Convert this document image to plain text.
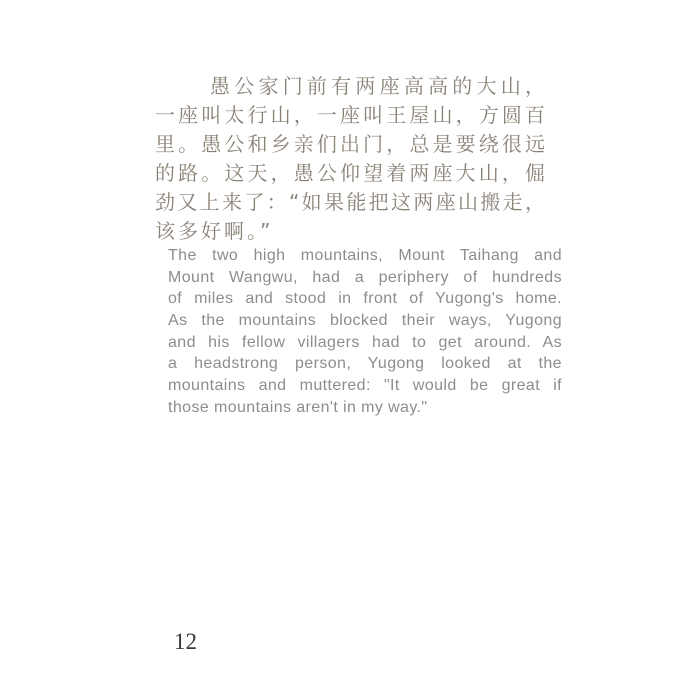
愚公家门前有两座高高的大山，
一座叫太行山，一座叫王屋山，方圆百
里。愚公和乡亲们出门，总是要绕很远
的路。这天，愚公仰望着两座大山，倔
劲又上来了：“如果能把这两座山搬走，
该多好啊。”
The two high mountains, Mount Taihang and
Mount Wangwu, had a periphery of hundreds
of miles and stood in front of Yugong's home.
As the mountains blocked their ways, Yugong
and his fellow villagers had to get around. As
a headstrong person, Yugong looked at the
mountains and muttered: "It would be great if
those mountains aren't in my way."
12
